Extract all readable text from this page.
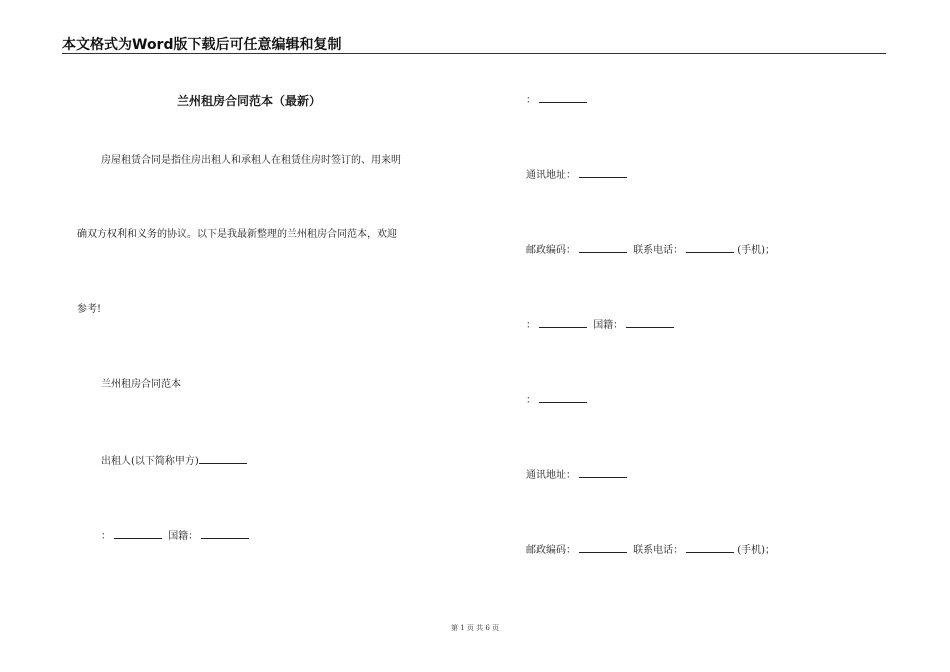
本文格式为Word版下载后可任意编辑和复制
兰州租房合同范本（最新）
房屋租赁合同是指住房出租人和承租人在租赁住房时签订的、用来明
确双方权利和义务的协议。以下是我最新整理的兰州租房合同范本，欢迎
参考!
兰州租房合同范本
出租人(以下简称甲方)
：	国籍：
：
通讯地址：
邮政编码：	联系电话：	(手机)；
：	国籍：
：
通讯地址：
邮政编码：	联系电话：	(手机)；
第 1 页 共 6 页
